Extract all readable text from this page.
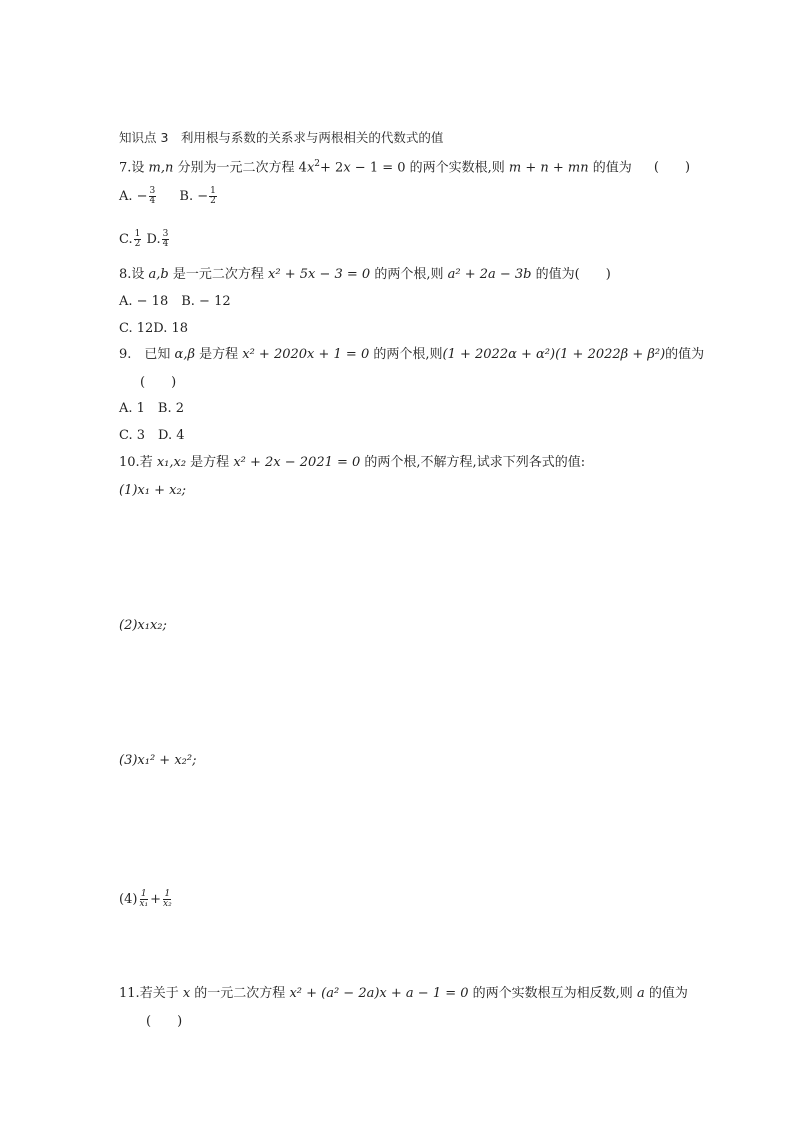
知识点 3　利用根与系数的关系求与两根相关的代数式的值
7.设 m,n 分别为一元二次方程 $4x^2+ 2x - 1 = 0$ 的两个实数根,则 m + n + mn 的值为 (　　)
A. − $\frac{3}{4} B$. − $\frac{1}{2}$
C. $\frac{1}{2} D$. $\frac{3}{4}$
8.设 a,b 是一元二次方程 x² + 5x − 3 = 0 的两个根,则 a² + 2a − 3b 的值为(　　)
A. − 18　B. − 12
C. 12D. 18
9.　已知 α,β 是方程 x² + 2020x + 1 = 0 的两个根,则(1 + 2022α + α²)(1 + 2022β + β²)的值为
(　　)
A. 1　B. 2
C. 3　D. 4
10.若 x₁,x₂ 是方程 x² + 2x − 2021 = 0 的两个根,不解方程,试求下列各式的值:
(1)x₁ + x₂;
(2)x₁x₂;
(3)x₁² + x₂²;
$(4) \frac{1}{\text{x₁}} + \frac{1}{\text{x₂}}$
11.若关于 x 的一元二次方程 x² + (a² − 2a)x + a − 1 = 0 的两个实数根互为相反数,则 a 的值为
(　　)
